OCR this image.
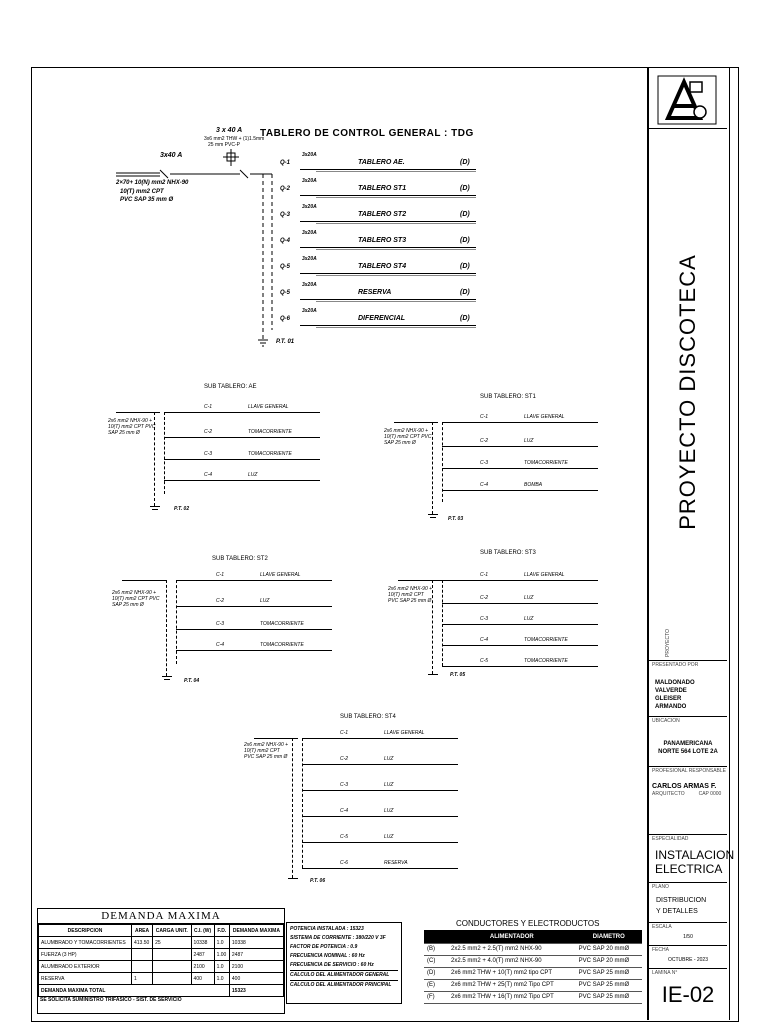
TABLERO DE CONTROL GENERAL : TDG
3 x 40 A
3x6 mm2 THW + (1)1.5mm
25 mm PVC-P
3x40 A
2×70+ 10(N) mm2 NHX-90
10(T) mm2 CPT
PVC SAP 35 mm Ø
P.T. 01
Q-1
3x20A
TABLERO AE.	(D)
Q-2
3x20A
TABLERO ST1	(D)
Q-3
3x20A
TABLERO ST2	(D)
Q-4
3x20A
TABLERO ST3	(D)
Q-5
3x20A
TABLERO ST4	(D)
Q-5
3x20A
RESERVA	(D)
Q-6
3x20A
DIFERENCIAL	(D)
SUB TABLERO: AE
2x6 mm2 NHX-90 + 10(T) mm2 CPT PVC SAP 25 mm Ø
P.T. 02
C-1	LLAVE GENERAL
C-2	TOMACORRIENTE
C-3	TOMACORRIENTE
C-4	LUZ
SUB TABLERO: ST1
2x6 mm2 NHX-90 + 10(T) mm2 CPT PVC SAP 25 mm Ø
P.T. 03
C-1	LLAVE GENERAL
C-2	LUZ
C-3	TOMACORRIENTE
C-4	BOMBA
SUB TABLERO: ST2
2x6 mm2 NHX-90 + 10(T) mm2 CPT PVC SAP 25 mm Ø
P.T. 04
C-1	LLAVE GENERAL
C-2	LUZ
C-3	TOMACORRIENTE
C-4	TOMACORRIENTE
SUB TABLERO: ST3
2x6 mm2 NHX-90 + 10(T) mm2 CPT PVC SAP 25 mm Ø
P.T. 05
C-1	LLAVE GENERAL
C-2	LUZ
C-3	LUZ
C-4	TOMACORRIENTE
C-5	TOMACORRIENTE
SUB TABLERO: ST4
2x6 mm2 NHX-90 + 10(T) mm2 CPT PVC SAP 25 mm Ø
P.T. 06
C-1	LLAVE GENERAL
C-2	LUZ
C-3	LUZ
C-4	LUZ
C-5	LUZ
C-6	RESERVA
DEMANDA MAXIMA
DESCRIPCION	AREA	CARGA UNIT.	C.I. (W)	F.D.	DEMANDA MAXIMA
ALUMBRADO Y TOMACORRIENTES	413.50	25	10338	1.0	10338
FUERZA (3 HP)			2487	1.00	2487
ALUMBRADO EXTERIOR			2100	1.0	2100
RESERVA	1		400	1.0	400
DEMANDA MAXIMA TOTAL					15323
SE SOLICITA SUMINISTRO TRIFASICO - SIST. DE SERVICIO
POTENCIA INSTALADA : 15323
SISTEMA DE CORRIENTE : 380/220 V 3F
FACTOR DE POTENCIA : 0.9
FRECUENCIA NOMINAL : 60 Hz
FRECUENCIA DE SERVICIO : 60 Hz
CALCULO DEL ALIMENTADOR GENERAL
CALCULO DEL ALIMENTADOR PRINCIPAL
CONDUCTORES Y ELECTRODUCTOS
	ALIMENTADOR	DIAMETRO
(B)	2x2.5 mm2 + 2.5(T) mm2 NHX-90	PVC SAP 20 mmØ
(C)	2x2.5 mm2 + 4.0(T) mm2 NHX-90	PVC SAP 20 mmØ
(D)	2x6 mm2 THW + 10(T) mm2 tipo CPT	PVC SAP 25 mmØ
(E)	2x6 mm2 THW + 25(T) mm2 Tipo CPT	PVC SAP 25 mmØ
(F)	2x6 mm2 THW + 16(T) mm2 Tipo CPT	PVC SAP 25 mmØ
PROYECTO DISCOTECA
PROYECTO
PRESENTADO POR
MALDONADO
VALVERDE
GLEISER
ARMANDO
UBICACION
PANAMERICANA
NORTE 564 LOTE 2A
PROFESIONAL RESPONSABLE
CARLOS ARMAS F.
ARQUITECTO          CAP 0000
ESPECIALIDAD
INSTALACION
ELECTRICA
PLANO
DISTRIBUCION
Y DETALLES
ESCALA
1/50
FECHA
OCTUBRE - 2023
LAMINA N°
IE-02
